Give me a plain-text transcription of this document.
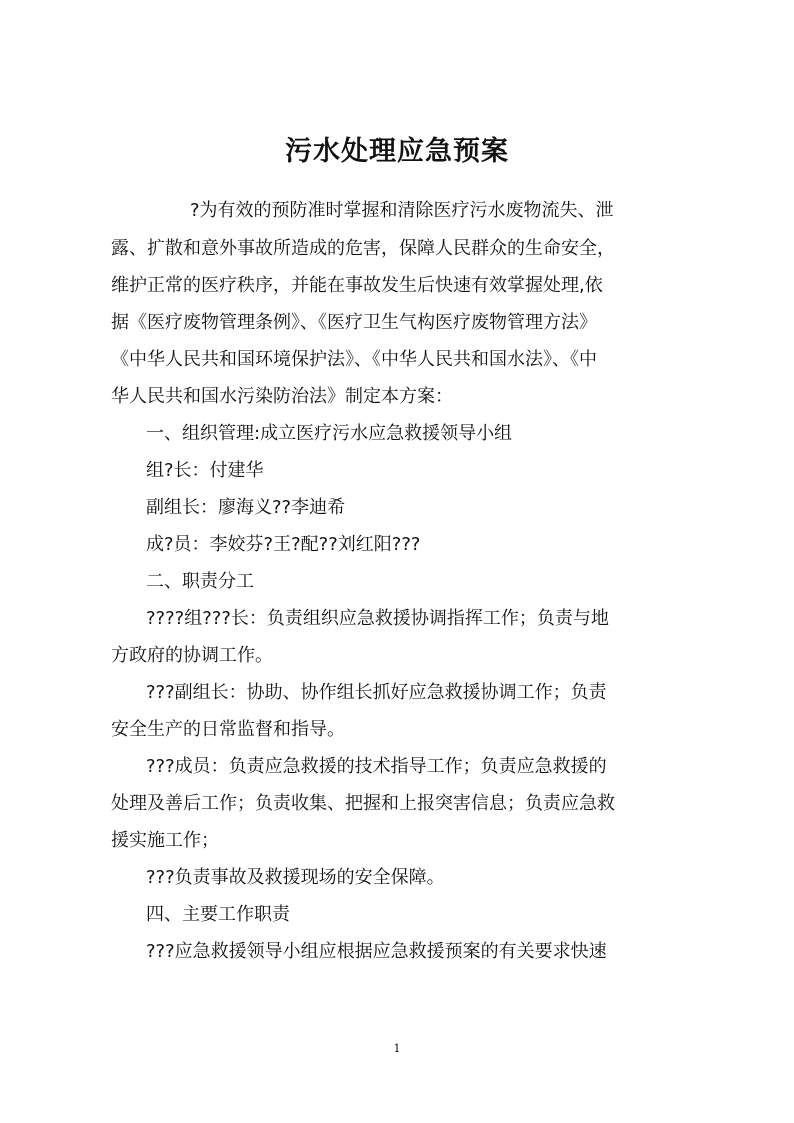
污水处理应急预案
?为有效的预防准时掌握和清除医疗污水废物流失、泄
露、扩散和意外事故所造成的危害，保障人民群众的生命安全，
维护正常的医疗秩序，并能在事故发生后快速有效掌握处理,依
据《医疗废物管理条例》、《医疗卫生气构医疗废物管理方法》
《中华人民共和国环境保护法》、《中华人民共和国水法》、《中
华人民共和国水污染防治法》制定本方案：
一、组织管理:成立医疗污水应急救援领导小组
组?长：付建华
副组长：廖海义??李迪希
成?员：李姣芬?王?配??刘红阳???
二、职责分工
????组???长：负责组织应急救援协调指挥工作；负责与地
方政府的协调工作。
???副组长：协助、协作组长抓好应急救援协调工作；负责
安全生产的日常监督和指导。
???成员：负责应急救援的技术指导工作；负责应急救援的
处理及善后工作；负责收集、把握和上报突害信息；负责应急救
援实施工作；
???负责事故及救援现场的安全保障。
四、主要工作职责
???应急救援领导小组应根据应急救援预案的有关要求快速
1
